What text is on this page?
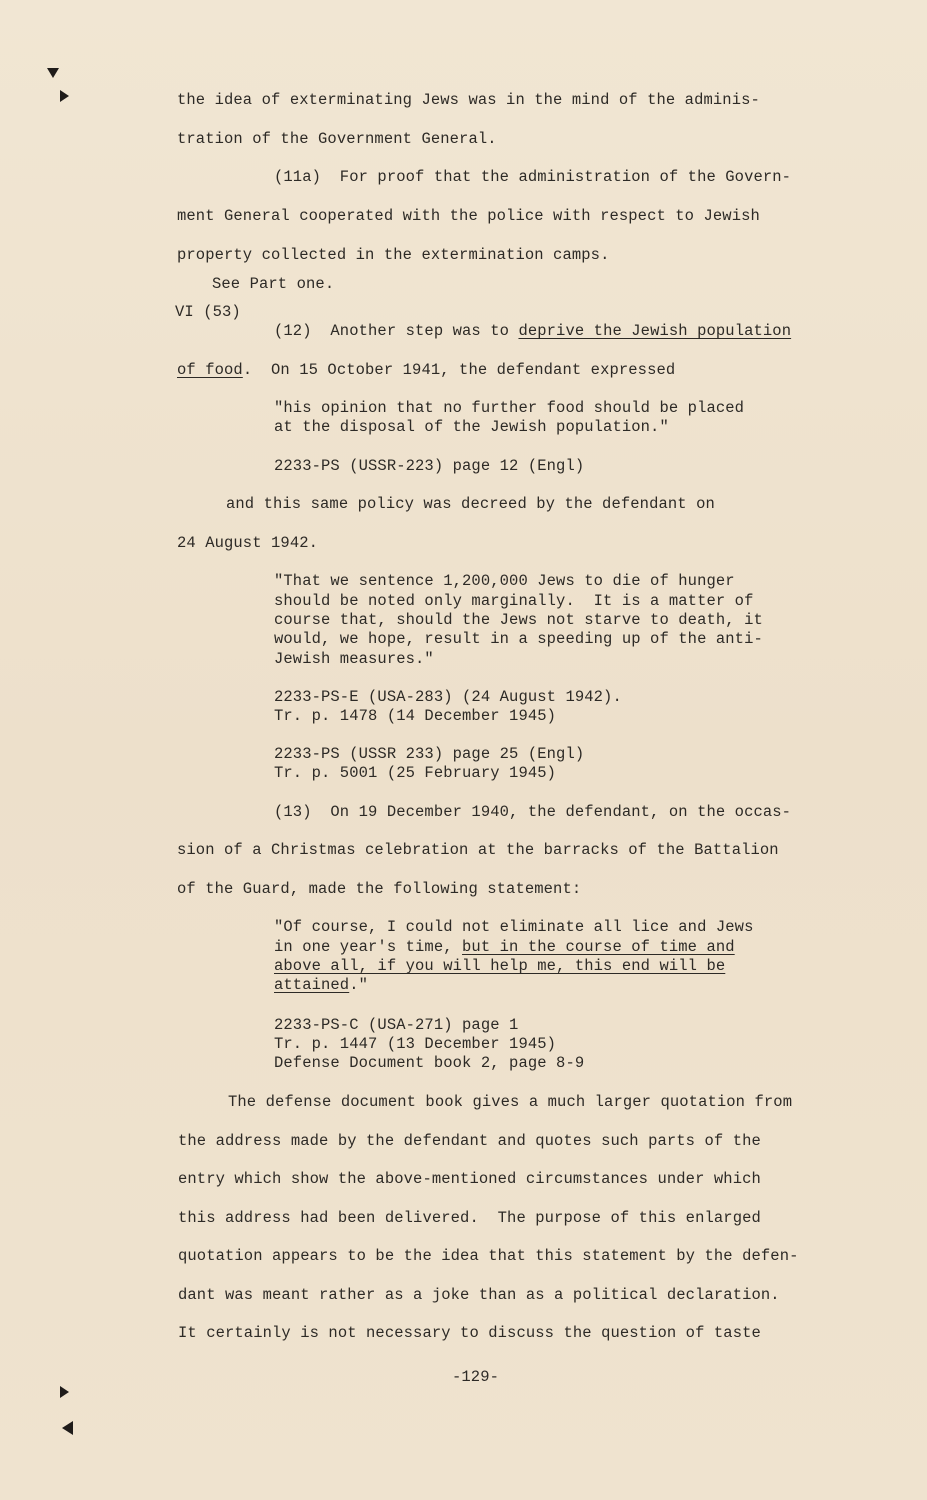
the idea of exterminating Jews was in the mind of the adminis-
tration of the Government General.
(11a)  For proof that the administration of the Govern-
ment General cooperated with the police with respect to Jewish
property collected in the extermination camps.
See Part one.
VI (53)
(12)  Another step was to deprive the Jewish population
of food.  On 15 October 1941, the defendant expressed
"his opinion that no further food should be placed
at the disposal of the Jewish population."
2233-PS (USSR-223) page 12 (Engl)
and this same policy was decreed by the defendant on
24 August 1942.
"That we sentence 1,200,000 Jews to die of hunger
should be noted only marginally.  It is a matter of
course that, should the Jews not starve to death, it
would, we hope, result in a speeding up of the anti-
Jewish measures."
2233-PS-E (USA-283) (24 August 1942).
Tr. p. 1478 (14 December 1945)
2233-PS (USSR 233) page 25 (Engl)
Tr. p. 5001 (25 February 1945)
(13)  On 19 December 1940, the defendant, on the occas-
sion of a Christmas celebration at the barracks of the Battalion
of the Guard, made the following statement:
"Of course, I could not eliminate all lice and Jews
in one year's time, but in the course of time and
above all, if you will help me, this end will be
attained."
2233-PS-C (USA-271) page 1
Tr. p. 1447 (13 December 1945)
Defense Document book 2, page 8-9
The defense document book gives a much larger quotation from
the address made by the defendant and quotes such parts of the
entry which show the above-mentioned circumstances under which
this address had been delivered.  The purpose of this enlarged
quotation appears to be the idea that this statement by the defen-
dant was meant rather as a joke than as a political declaration.
It certainly is not necessary to discuss the question of taste
-129-
